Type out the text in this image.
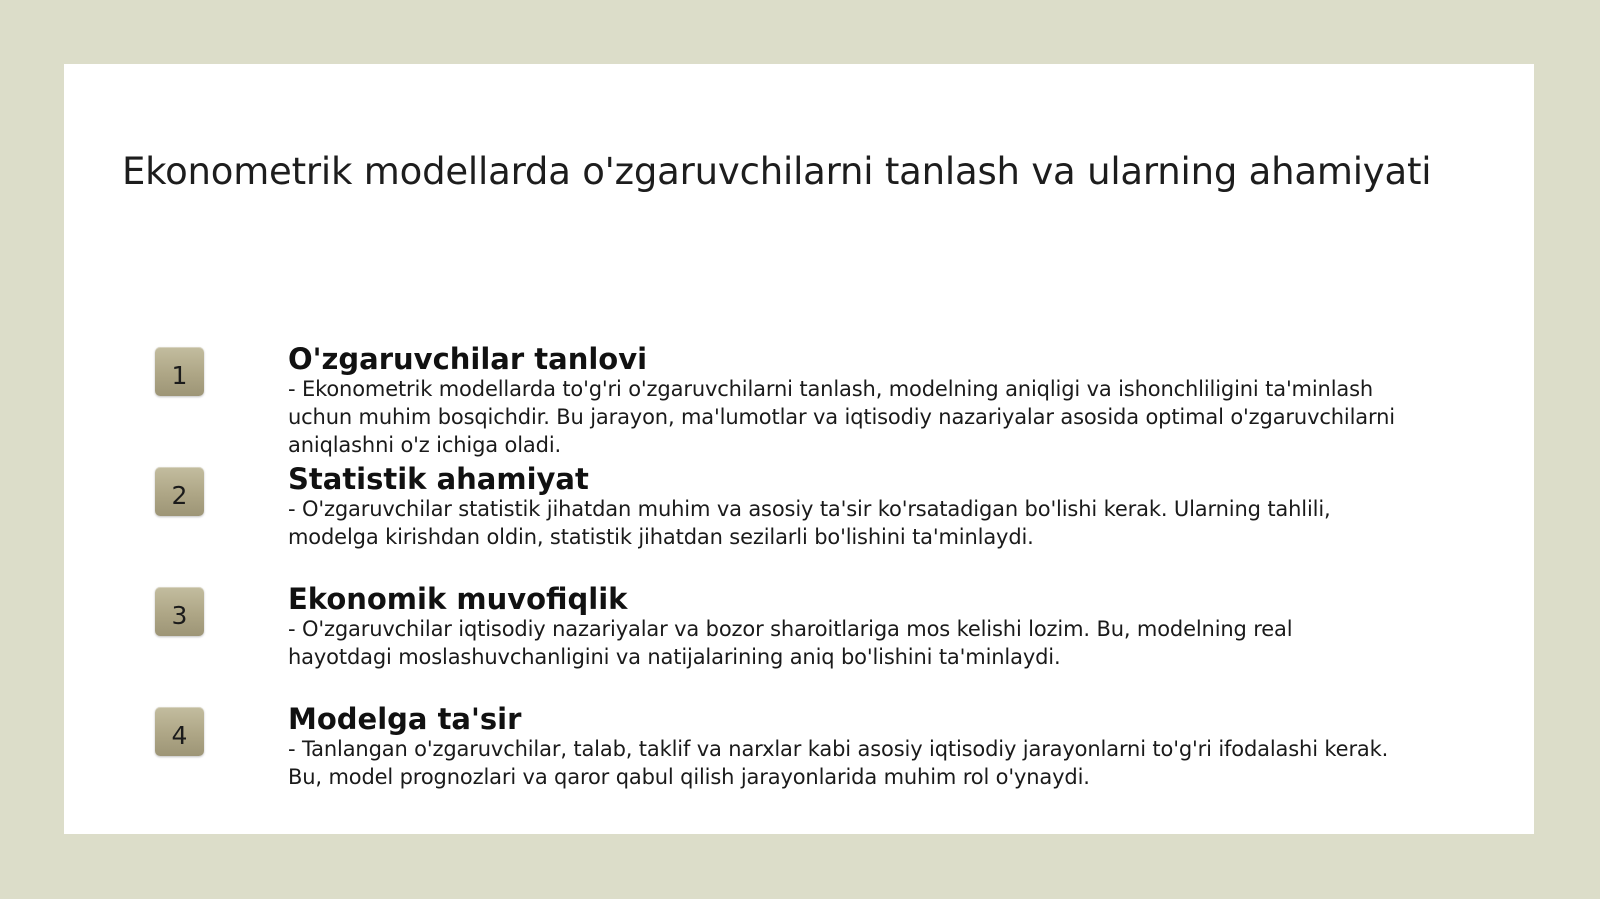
Ekonometrik modellarda o'zgaruvchilarni tanlash va ularning ahamiyati
1	O'zgaruvchilar tanlovi

- Ekonometrik modellarda to'g'ri o'zgaruvchilarni tanlash, modelning aniqligi va ishonchliligini ta'minlash
uchun muhim bosqichdir. Bu jarayon, ma'lumotlar va iqtisodiy nazariyalar asosida optimal o'zgaruvchilarni
aniqlashni o'z ichiga oladi.

2	Statistik ahamiyat

- O'zgaruvchilar statistik jihatdan muhim va asosiy ta'sir ko'rsatadigan bo'lishi kerak. Ularning tahlili,
modelga kirishdan oldin, statistik jihatdan sezilarli bo'lishini ta'minlaydi.

3	Ekonomik muvofiqlik

- O'zgaruvchilar iqtisodiy nazariyalar va bozor sharoitlariga mos kelishi lozim. Bu, modelning real
hayotdagi moslashuvchanligini va natijalarining aniq bo'lishini ta'minlaydi.

4	Modelga ta'sir

- Tanlangan o'zgaruvchilar, talab, taklif va narxlar kabi asosiy iqtisodiy jarayonlarni to'g'ri ifodalashi kerak.
Bu, model prognozlari va qaror qabul qilish jarayonlarida muhim rol o'ynaydi.
